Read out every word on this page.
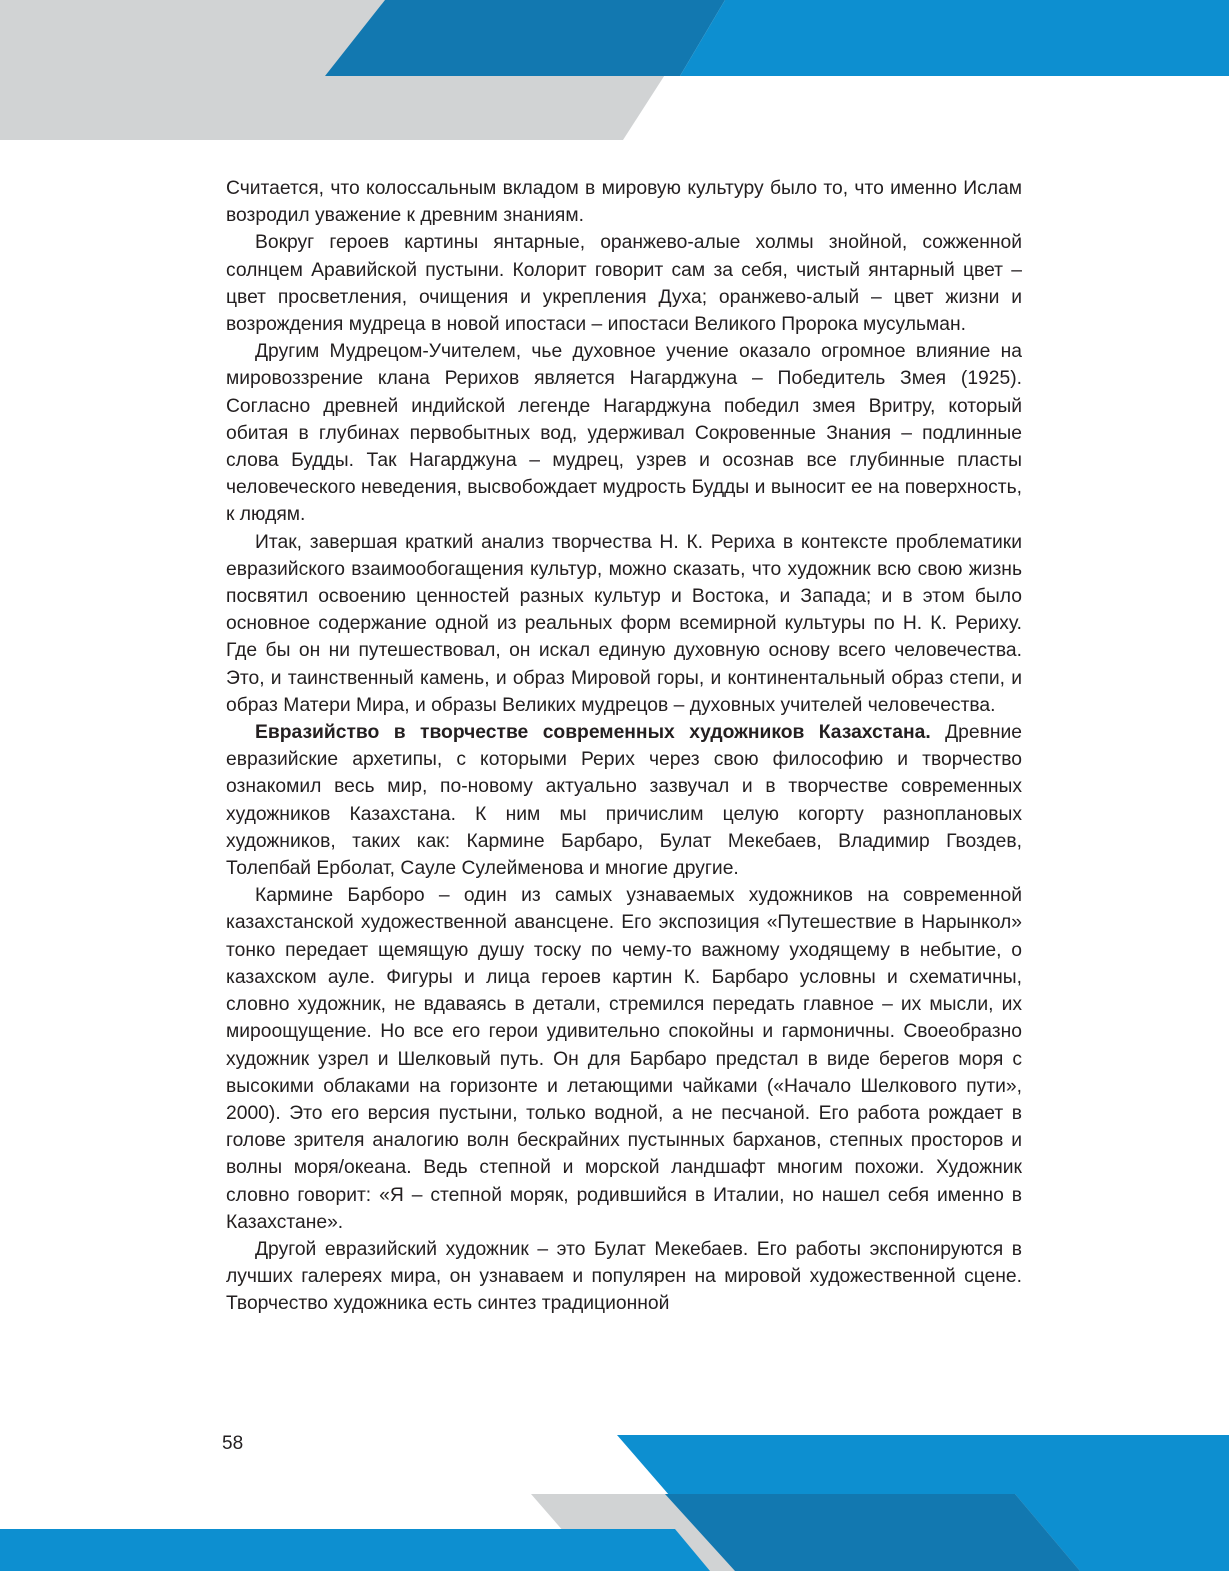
Считается, что колоссальным вкладом в мировую культуру было то, что именно Ислам возродил уважение к древним знаниям.

Вокруг героев картины янтарные, оранжево-алые холмы знойной, сожженной солнцем Аравийской пустыни. Колорит говорит сам за себя, чистый янтарный цвет – цвет просветления, очищения и укрепления Духа; оранжево-алый – цвет жизни и возрождения мудреца в новой ипостаси – ипостаси Великого Пророка мусульман.

Другим Мудрецом-Учителем, чье духовное учение оказало огромное влияние на мировоззрение клана Рерихов является Нагарджуна – Победитель Змея (1925). Согласно древней индийской легенде Нагарджуна победил змея Вритру, который обитая в глубинах первобытных вод, удерживал Сокровенные Знания – подлинные слова Будды. Так Нагарджуна – мудрец, узрев и осознав все глубинные пласты человеческого неведения, высвобождает мудрость Будды и выносит ее на поверхность, к людям.

Итак, завершая краткий анализ творчества Н. К. Рериха в контексте проблематики евразийского взаимообогащения культур, можно сказать, что художник всю свою жизнь посвятил освоению ценностей разных культур и Востока, и Запада; и в этом было основное содержание одной из реальных форм всемирной культуры по Н. К. Рериху. Где бы он ни путешествовал, он искал единую духовную основу всего человечества. Это, и таинственный камень, и образ Мировой горы, и континентальный образ степи, и образ Матери Мира, и образы Великих мудрецов – духовных учителей человечества.

Евразийство в творчестве современных художников Казахстана. Древние евразийские архетипы, с которыми Рерих через свою философию и творчество ознакомил весь мир, по-новому актуально зазвучал и в творчестве современных художников Казахстана. К ним мы причислим целую когорту разноплановых художников, таких как: Кармине Барбаро, Булат Мекебаев, Владимир Гвоздев, Толепбай Ерболат, Сауле Сулейменова и многие другие.

Кармине Барборо – один из самых узнаваемых художников на современной казахстанской художественной авансцене. Его экспозиция «Путешествие в Нарынкол» тонко передает щемящую душу тоску по чему-то важному уходящему в небытие, о казахском ауле. Фигуры и лица героев картин К. Барбаро условны и схематичны, словно художник, не вдаваясь в детали, стремился передать главное – их мысли, их мироощущение. Но все его герои удивительно спокойны и гармоничны. Своеобразно художник узрел и Шелковый путь. Он для Барбаро предстал в виде берегов моря с высокими облаками на горизонте и летающими чайками («Начало Шелкового пути», 2000). Это его версия пустыни, только водной, а не песчаной. Его работа рождает в голове зрителя аналогию волн бескрайних пустынных барханов, степных просторов и волны моря/океана. Ведь степной и морской ландшафт многим похожи. Художник словно говорит: «Я – степной моряк, родившийся в Италии, но нашел себя именно в Казахстане».

Другой евразийский художник – это Булат Мекебаев. Его работы экспонируются в лучших галереях мира, он узнаваем и популярен на мировой художественной сцене. Творчество художника есть синтез традиционной

58
